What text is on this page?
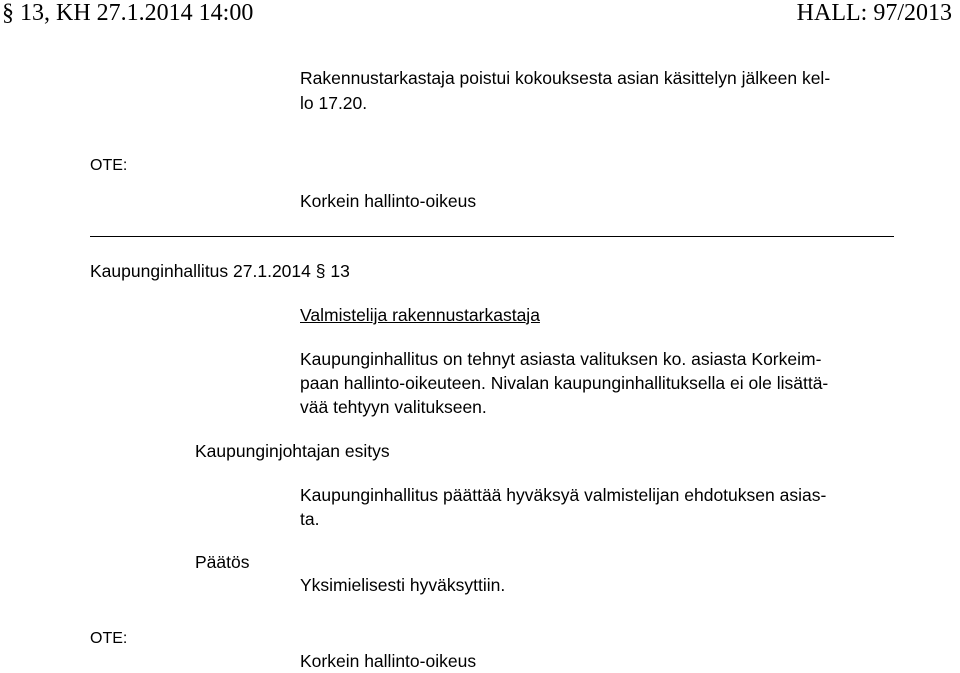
§ 13, KH 27.1.2014 14:00	HALL: 97/2013
Rakennustarkastaja poistui kokouksesta asian käsittelyn jälkeen kel-
lo 17.20.
OTE:
Korkein hallinto-oikeus
Kaupunginhallitus 27.1.2014 § 13
Valmistelija rakennustarkastaja
Kaupunginhallitus on tehnyt asiasta valituksen ko. asiasta Korkeim-
paan hallinto-oikeuteen. Nivalan kaupunginhallituksella ei ole lisättä-
vää tehtyyn valitukseen.
Kaupunginjohtajan esitys
Kaupunginhallitus päättää hyväksyä valmistelijan ehdotuksen asias-
ta.
Päätös
Yksimielisesti hyväksyttiin.
OTE:
Korkein hallinto-oikeus
